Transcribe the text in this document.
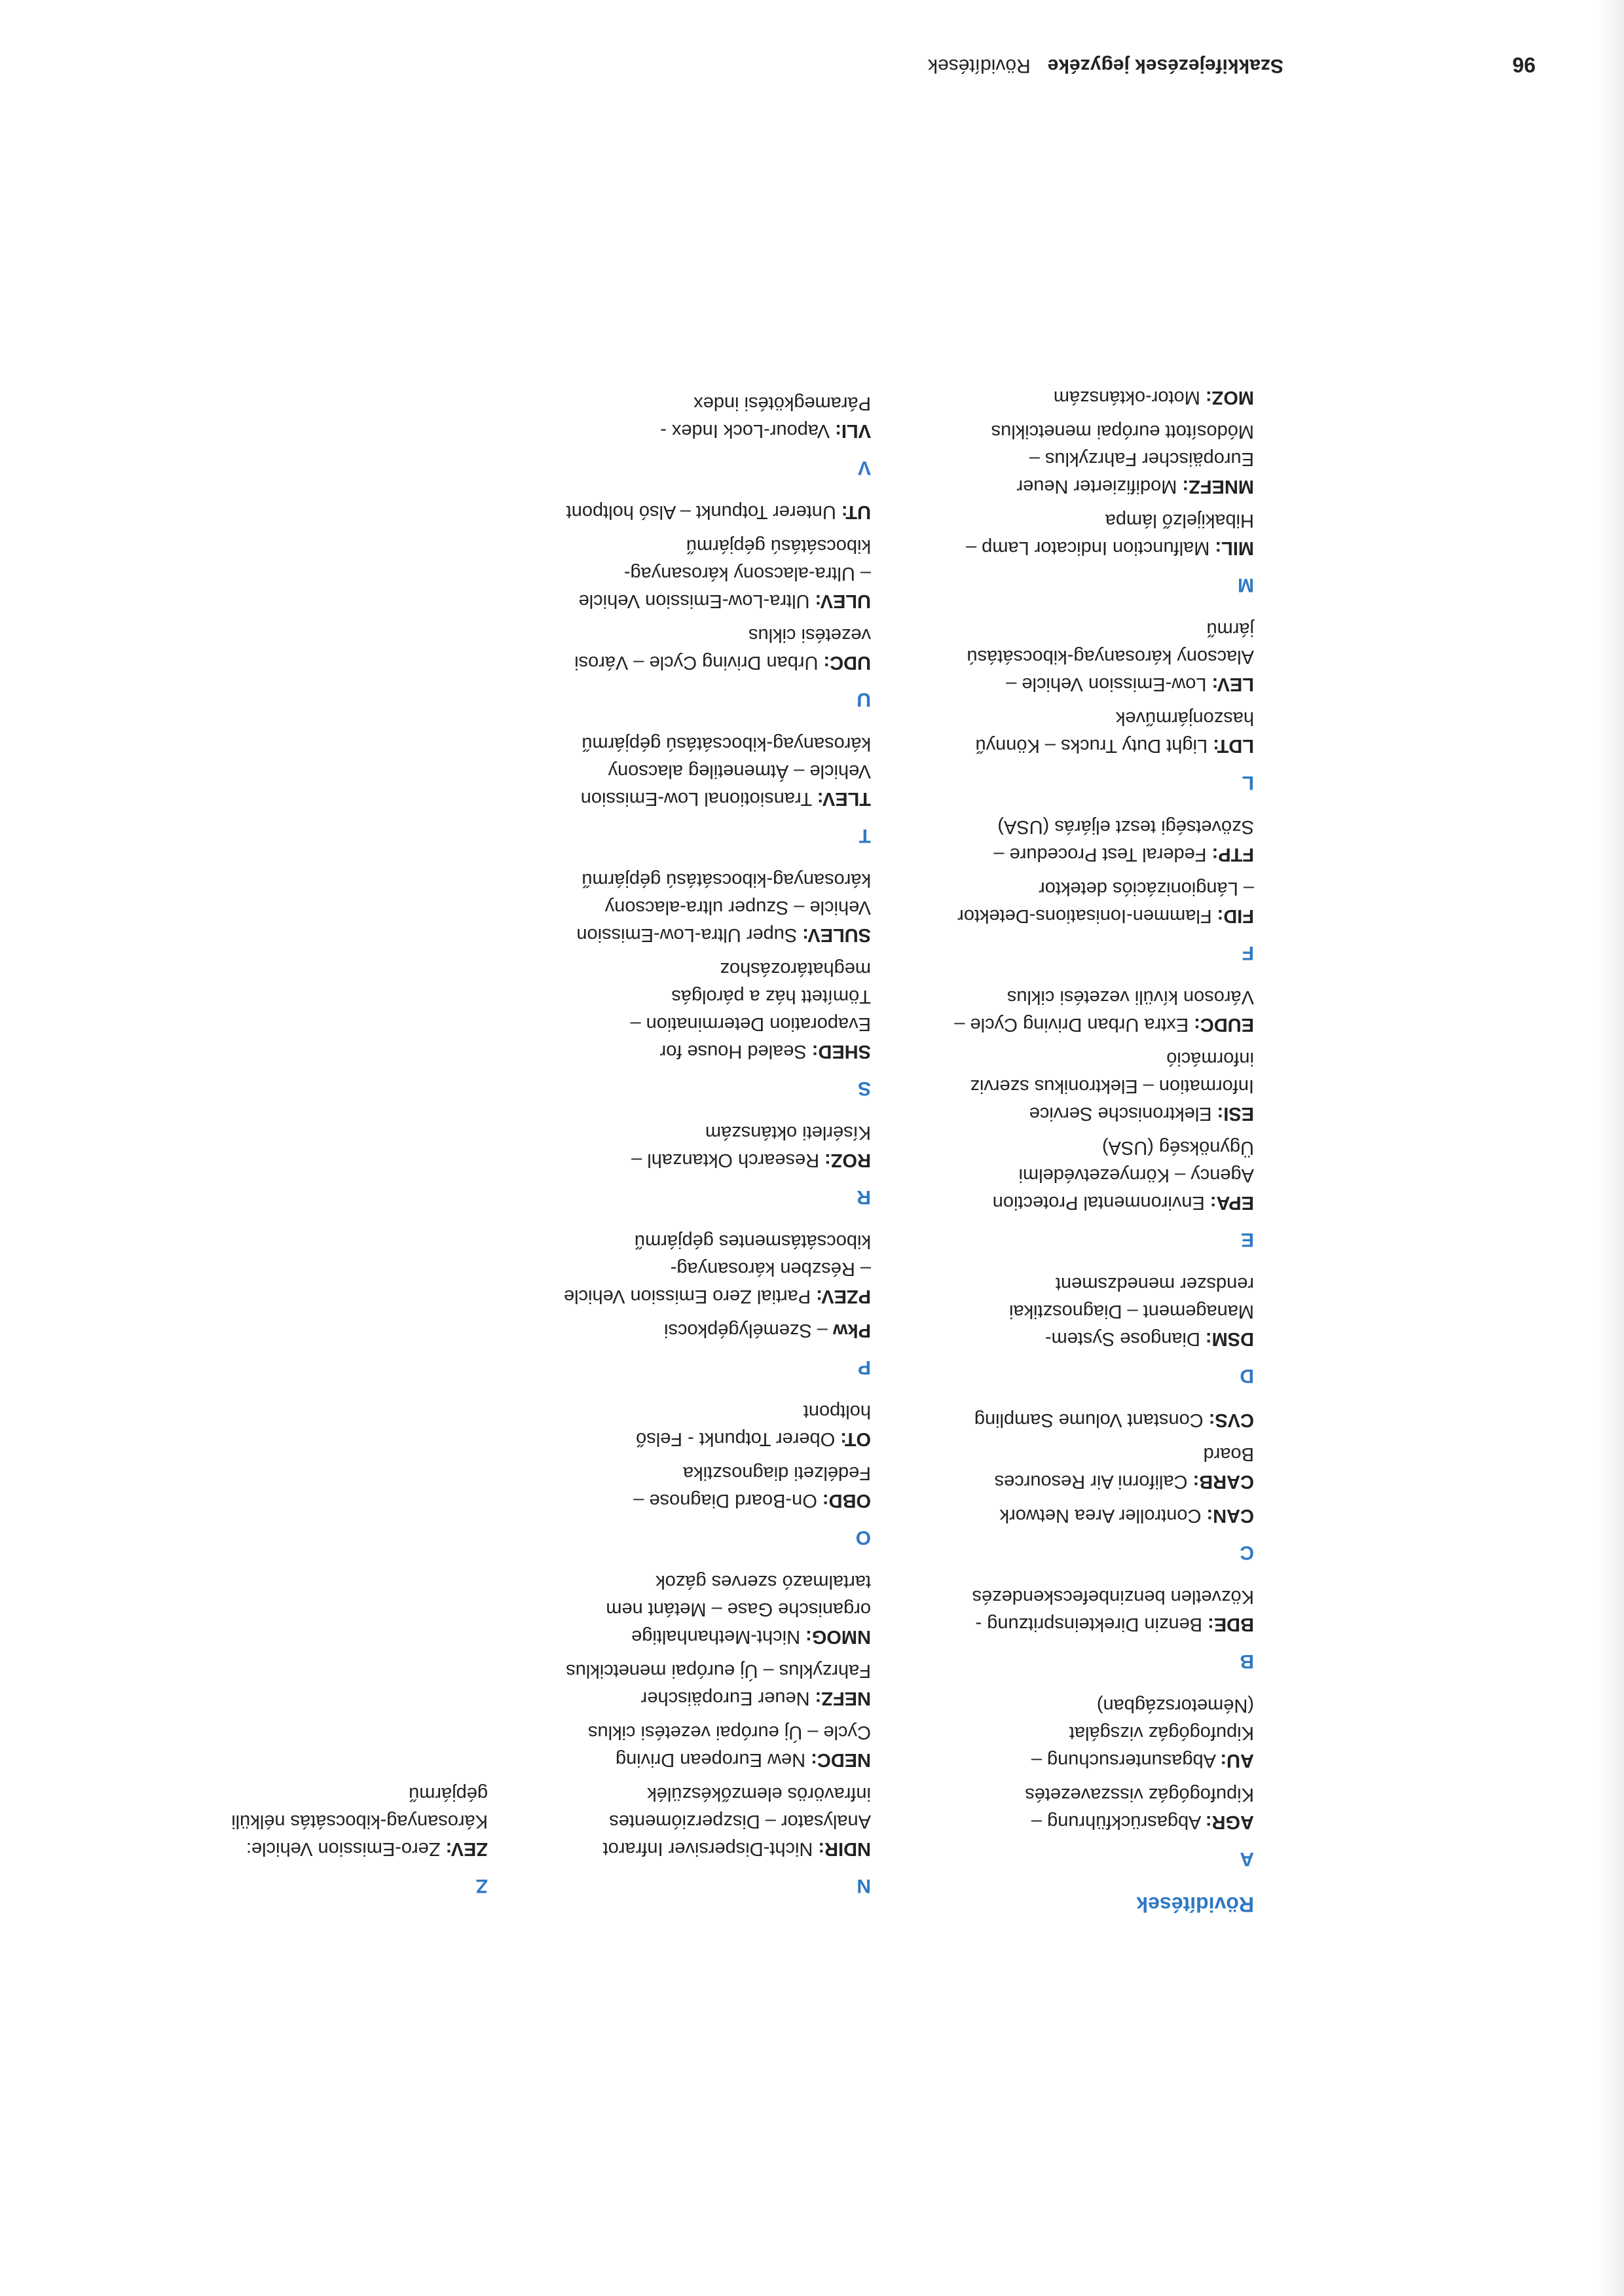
96
Szakkifejezések jegyzékeRövidítések
Rövidítések
A
AGR: Abgasrückführung – Kipufogógáz visszavezetés
AU: Abgasuntersuchung – Kipufogógáz vizsgálat (Németországban)
B
BDE: Benzin Direkteinspritzung - Közvetlen benzinbefecskendezés
C
CAN: Controller Area Network
CARB: Californi Air Resources Board
CVS: Constant Volume Sampling
D
DSM: Diangose System-Management – Diagnosztikai rendszer menedzsment
E
EPA: Environmental Protection Agency – Környezetvédelmi Ügynökség (USA)
ESI: Elektronische Service Information – Elektronikus szerviz információ
EUDC: Extra Urban Driving Cycle – Városon kívüli vezetési ciklus
F
FID: Flammen-Ionisations-Detektor – Lángionizációs detektor
FTP: Federal Test Procedure – Szövetségi teszt eljárás (USA)
L
LDT: Light Duty Trucks – Könnyű haszonjárművek
LEV: Low-Emission Vehicle – Alacsony károsanyag-kibocsátású jármű
M
MIL: Malfunction Indicator Lamp – Hibakijelző lámpa
MNEFZ: Modifizierter Neuer Europäischer Fahrzyklus – Módosított európai menetciklus
MOZ: Motor-oktánszám
N
NDIR: Nicht-Dispersiver Infrarot Analysator – Diszperziómentes infravörös elemzőkészülék
NEDC: New European Driving Cycle – Új európai vezetési ciklus
NEFZ: Neuer Europäischer Fahrzyklus – Új európai menetciklus
NMOG: Nicht-Methanhaltige organische Gase – Metánt nem tartalmazó szerves gázok
O
OBD: On-Board Diagnose – Fedélzeti diagnosztika
OT: Oberer Totpunkt - Felső holtpont
P
Pkw – Személygépkocsi
PZEV: Partial Zero Emission Vehicle – Részben károsanyag-kibocsátásmentes gépjármű
R
ROZ: Research Oktanzahl – Kísérleti oktánszám
S
SHED: Sealed House for Evaporation Determination – Tömített ház a párolgás meghatározáshoz
SULEV: Super Ultra-Low-Emission Vehicle – Szuper ultra-alacsony károsanyag-kibocsátású gépjármű
T
TLEV: Transiotional Low-Emission Vehicle – Átmenetileg alacsony károsanyag-kibocsátású gépjármű
U
UDC: Urban Driving Cycle – Városi vezetési ciklus
ULEV: Ultra-Low-Emission Vehicle – Ultra-alacsony károsanyag-kibocsátású gépjármű
UT: Unterer Totpunkt – Alsó holtpont
V
VLI: Vapour-Lock Index - Páramegkötési index
Z
ZEV: Zero-Emission Vehicle: Károsanyag-kibocsátás nélküli gépjármű
